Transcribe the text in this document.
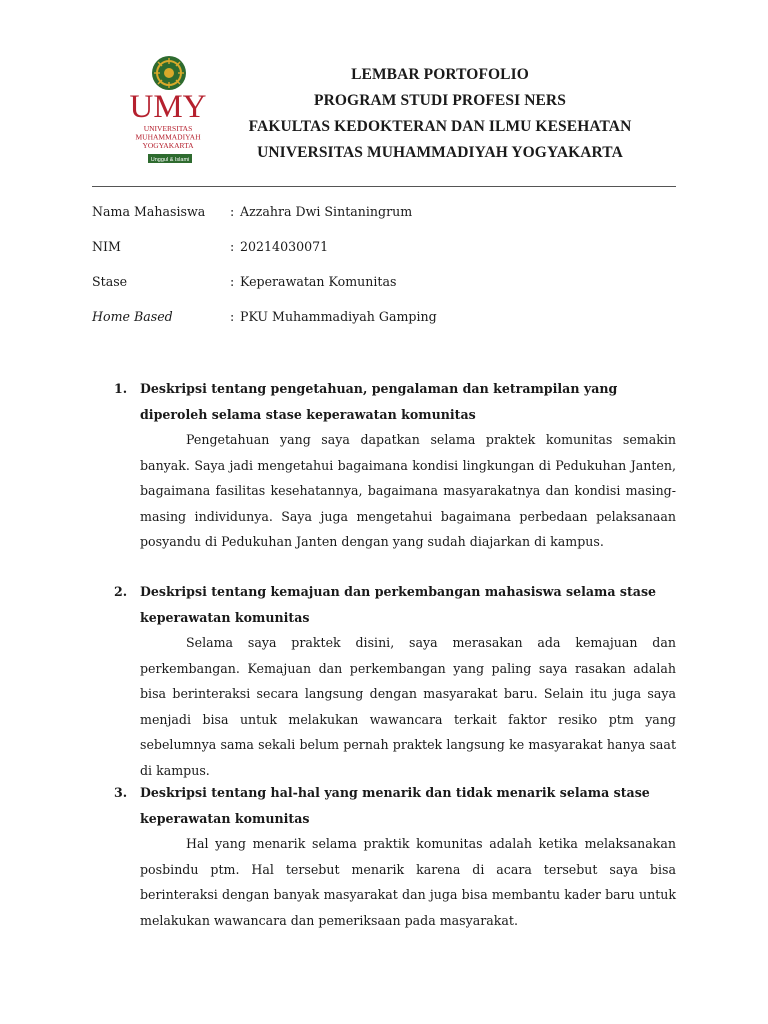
UMY
UNIVERSITAS
MUHAMMADIYAH
YOGYAKARTA
Unggul & Islami
LEMBAR PORTOFOLIO
PROGRAM STUDI PROFESI NERS
FAKULTAS KEDOKTERAN DAN ILMU KESEHATAN
UNIVERSITAS MUHAMMADIYAH YOGYAKARTA
Nama Mahasiswa : Azzahra Dwi Sintaningrum
NIM	: 20214030071
Stase	: Keperawatan Komunitas
Home Based	: PKU Muhammadiyah Gamping
1. Deskripsi tentang pengetahuan, pengalaman dan ketrampilan yang diperoleh selama stase keperawatan komunitas
Pengetahuan yang saya dapatkan selama praktek komunitas semakin banyak. Saya jadi mengetahui bagaimana kondisi lingkungan di Pedukuhan Janten, bagaimana fasilitas kesehatannya, bagaimana masyarakatnya dan kondisi masing-masing individunya. Saya juga mengetahui bagaimana perbedaan pelaksanaan posyandu di Pedukuhan Janten dengan yang sudah diajarkan di kampus.
2. Deskripsi tentang kemajuan dan perkembangan mahasiswa selama stase keperawatan komunitas
Selama saya praktek disini, saya merasakan ada kemajuan dan perkembangan. Kemajuan dan perkembangan yang paling saya rasakan adalah bisa berinteraksi secara langsung dengan masyarakat baru. Selain itu juga saya menjadi bisa untuk melakukan wawancara terkait faktor resiko ptm yang sebelumnya sama sekali belum pernah praktek langsung ke masyarakat hanya saat di kampus.
3. Deskripsi tentang hal-hal yang menarik dan tidak menarik selama stase keperawatan komunitas
Hal yang menarik selama praktik komunitas adalah ketika melaksanakan posbindu ptm. Hal tersebut menarik karena di acara tersebut saya bisa berinteraksi dengan banyak masyarakat dan juga bisa membantu kader baru untuk melakukan wawancara dan pemeriksaan pada masyarakat.
